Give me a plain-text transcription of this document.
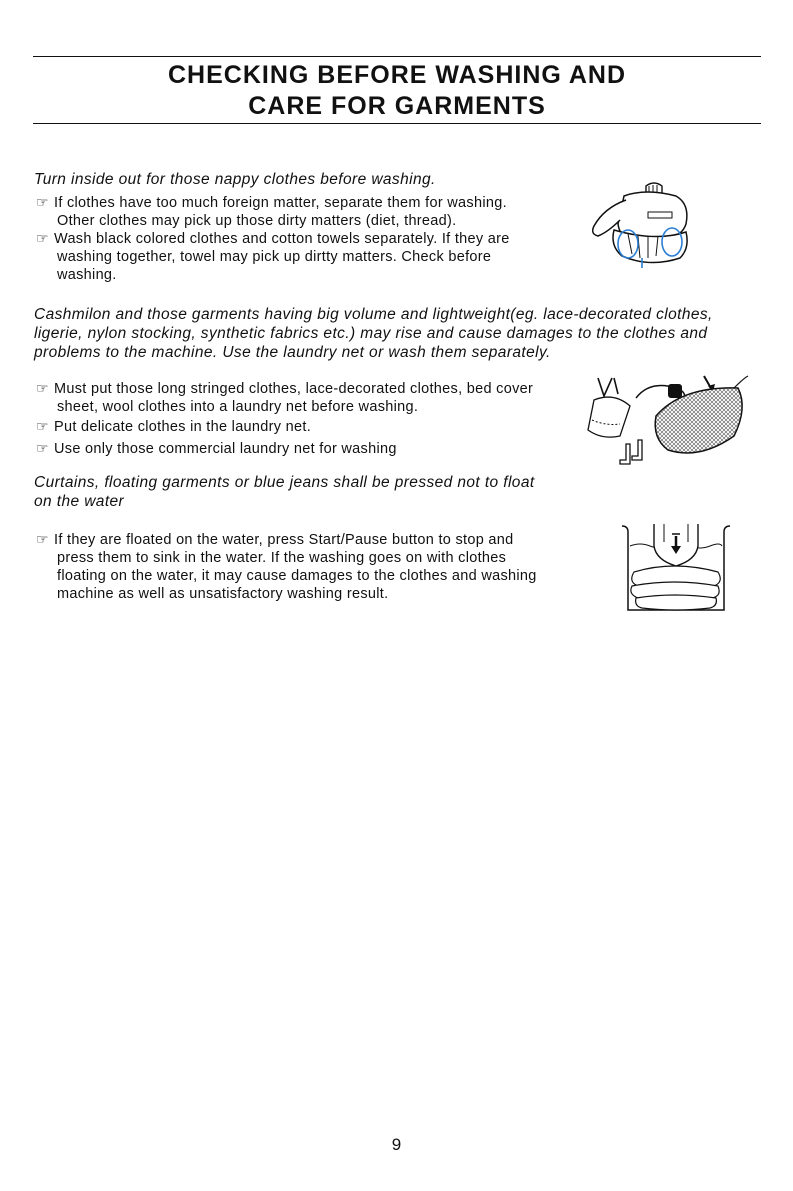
CHECKING BEFORE WASHING AND
CARE FOR GARMENTS
Turn inside out for those nappy clothes before washing.
☞ If clothes have too much foreign matter, separate them for washing.
Other clothes may pick up those dirty matters (diet, thread).
☞ Wash black colored clothes and cotton towels separately. If they are
washing together, towel may pick up dirtty matters. Check before
washing.
Cashmilon and those garments having big volume and lightweight(eg. lace-decorated clothes,
ligerie, nylon stocking, synthetic fabrics etc.) may rise and cause damages to the clothes and
problems to the machine. Use the laundry net or wash them separately.
☞ Must put those long stringed clothes, lace-decorated clothes, bed cover
sheet, wool clothes into a laundry net before washing.
☞ Put delicate clothes in the laundry net.
☞ Use only those commercial laundry net for washing
Curtains, floating garments or blue jeans shall be pressed not to float
on the water
☞ If they are floated on the water, press Start/Pause button to stop and
press them to sink in the water. If the washing goes on with clothes
floating on the water, it may cause damages to the clothes and washing
machine as well as unsatisfactory washing result.
9
